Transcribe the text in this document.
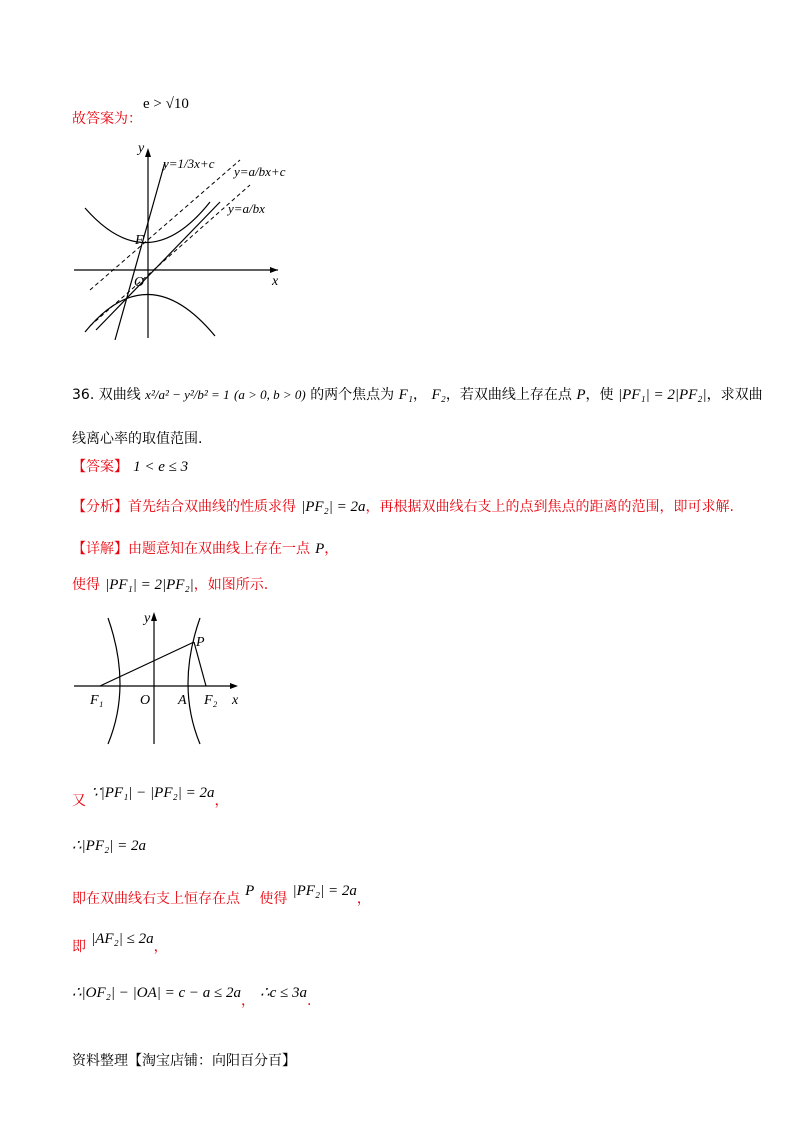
故答案为：
e > √10
y
x
O
F
y=1/3x+c
y=a/bx+c
y=a/bx
36. 双曲线 x²/a² − y²/b² = 1 (a > 0, b > 0) 的两个焦点为 F₁， F₂，若双曲线上存在点 P，使 |PF₁| = 2|PF₂|，求双曲
线离心率的取值范围.
【答案】 1 < e ≤ 3
【分析】首先结合双曲线的性质求得 |PF₂| = 2a，再根据双曲线右支上的点到焦点的距离的范围，即可求解.
【详解】由题意知在双曲线上存在一点 P，
使得 |PF₁| = 2|PF₂|，如图所示.
y
x
O
P
A
F₁	F₂
又 ∵|PF₁| − |PF₂| = 2a，
∴|PF₂| = 2a
即在双曲线右支上恒存在点 P 使得 |PF₂| = 2a，
即 |AF₂| ≤ 2a，
∴|OF₂| − |OA| = c − a ≤ 2a， ∴c ≤ 3a.
资料整理【淘宝店铺：向阳百分百】
